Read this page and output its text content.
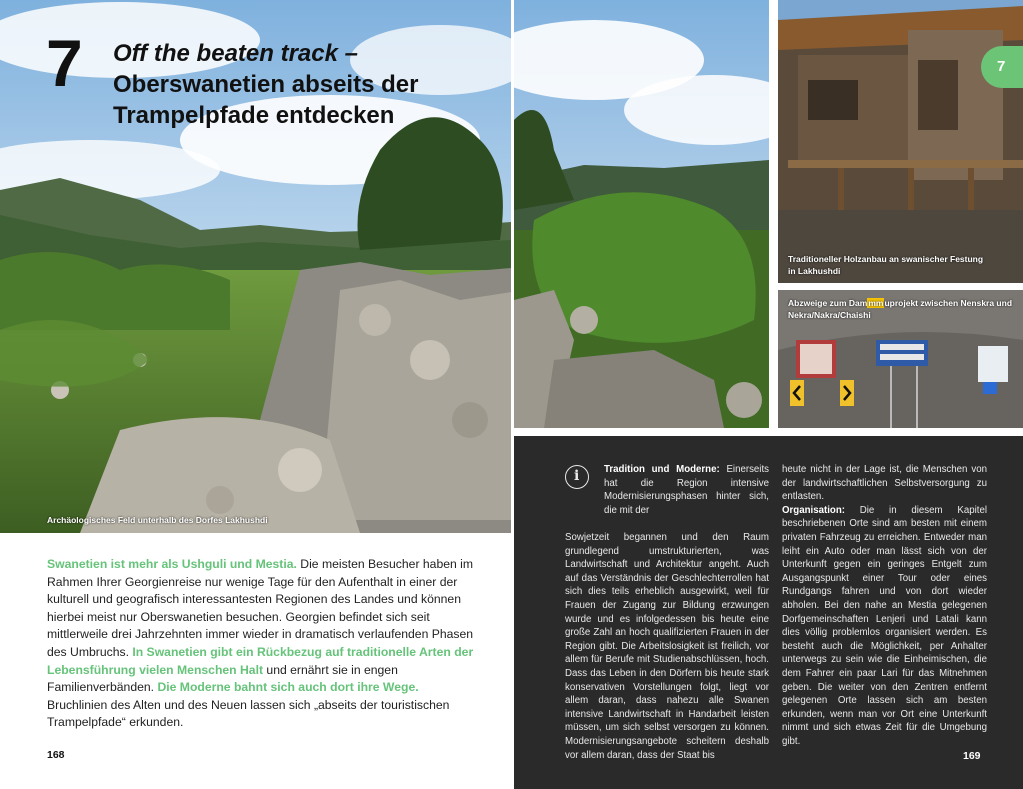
7 Off the beaten track –
Oberswanetien abseits der
Trampelpfade entdecken
Archäologisches Feld unterhalb des Dorfes Lakhushdi

Swanetien ist mehr als Ushguli und Mestia. Die meisten Besucher haben im Rahmen Ihrer Georgienreise nur wenige Tage für den Aufenthalt in einer der kulturell und geografisch interessantesten Regionen des Landes und können hierbei meist nur Oberswanetien besuchen. Georgien befindet sich seit mittlerweile drei Jahrzehnten immer wieder in dramatisch verlaufenden Phasen des Umbruchs. In Swanetien gibt ein Rückbezug auf traditionelle Arten der Lebensführung vielen Menschen Halt und ernährt sie in engen Familienverbänden. Die Moderne bahnt sich auch dort ihre Wege. Bruchlinien des Alten und des Neuen lassen sich „abseits der touristischen Trampelpfade“ erkunden.

168
Traditioneller Holzanbau an swanischer Festung in Lakhushdi
Abzweige zum Dammmuprojekt zwischen Nenskra und Nekra/Nakra/Chaishi
7
i	Tradition und Moderne: Einerseits hat die Region intensive Modernisierungsphasen hinter sich, die mit der

Sowjetzeit begannen und den Raum grundlegend umstrukturierten, was Landwirtschaft und Architektur angeht. Auch auf das Verständnis der Geschlechterrollen hat sich dies teils erheblich ausgewirkt, weil für Frauen der Zugang zur Bildung erzwungen wurde und es infolgedessen bis heute eine große Zahl an hoch qualifizierten Frauen in der Region gibt. Die Arbeitslosigkeit ist freilich, vor allem für Berufe mit Studienabschlüssen, hoch. Dass das Leben in den Dörfern bis heute stark konservativen Vorstellungen folgt, liegt vor allem daran, dass nahezu alle Swanen intensive Landwirtschaft in Handarbeit leisten müssen, um sich selbst versorgen zu können. Modernisierungsangebote scheitern deshalb vor allem daran, dass der Staat bis

heute nicht in der Lage ist, die Menschen von der landwirtschaftlichen Selbstversorgung zu entlasten.
Organisation: Die in diesem Kapitel beschriebenen Orte sind am besten mit einem privaten Fahrzeug zu erreichen. Entweder man leiht ein Auto oder man lässt sich von der Unterkunft gegen ein geringes Entgelt zum Ausgangspunkt einer Tour oder eines Rundgangs fahren und von dort wieder abholen. Bei den nahe an Mestia gelegenen Dorfgemeinschaften Lenjeri und Latali kann dies völlig problemlos organisiert werden. Es besteht auch die Möglichkeit, per Anhalter unterwegs zu sein wie die Einheimischen, die dem Fahrer ein paar Lari für das Mitnehmen geben. Die weiter von den Zentren entfernt gelegenen Orte lassen sich am besten erkunden, wenn man vor Ort eine Unterkunft nimmt und sich etwas Zeit für die Umgebung gibt.

169
